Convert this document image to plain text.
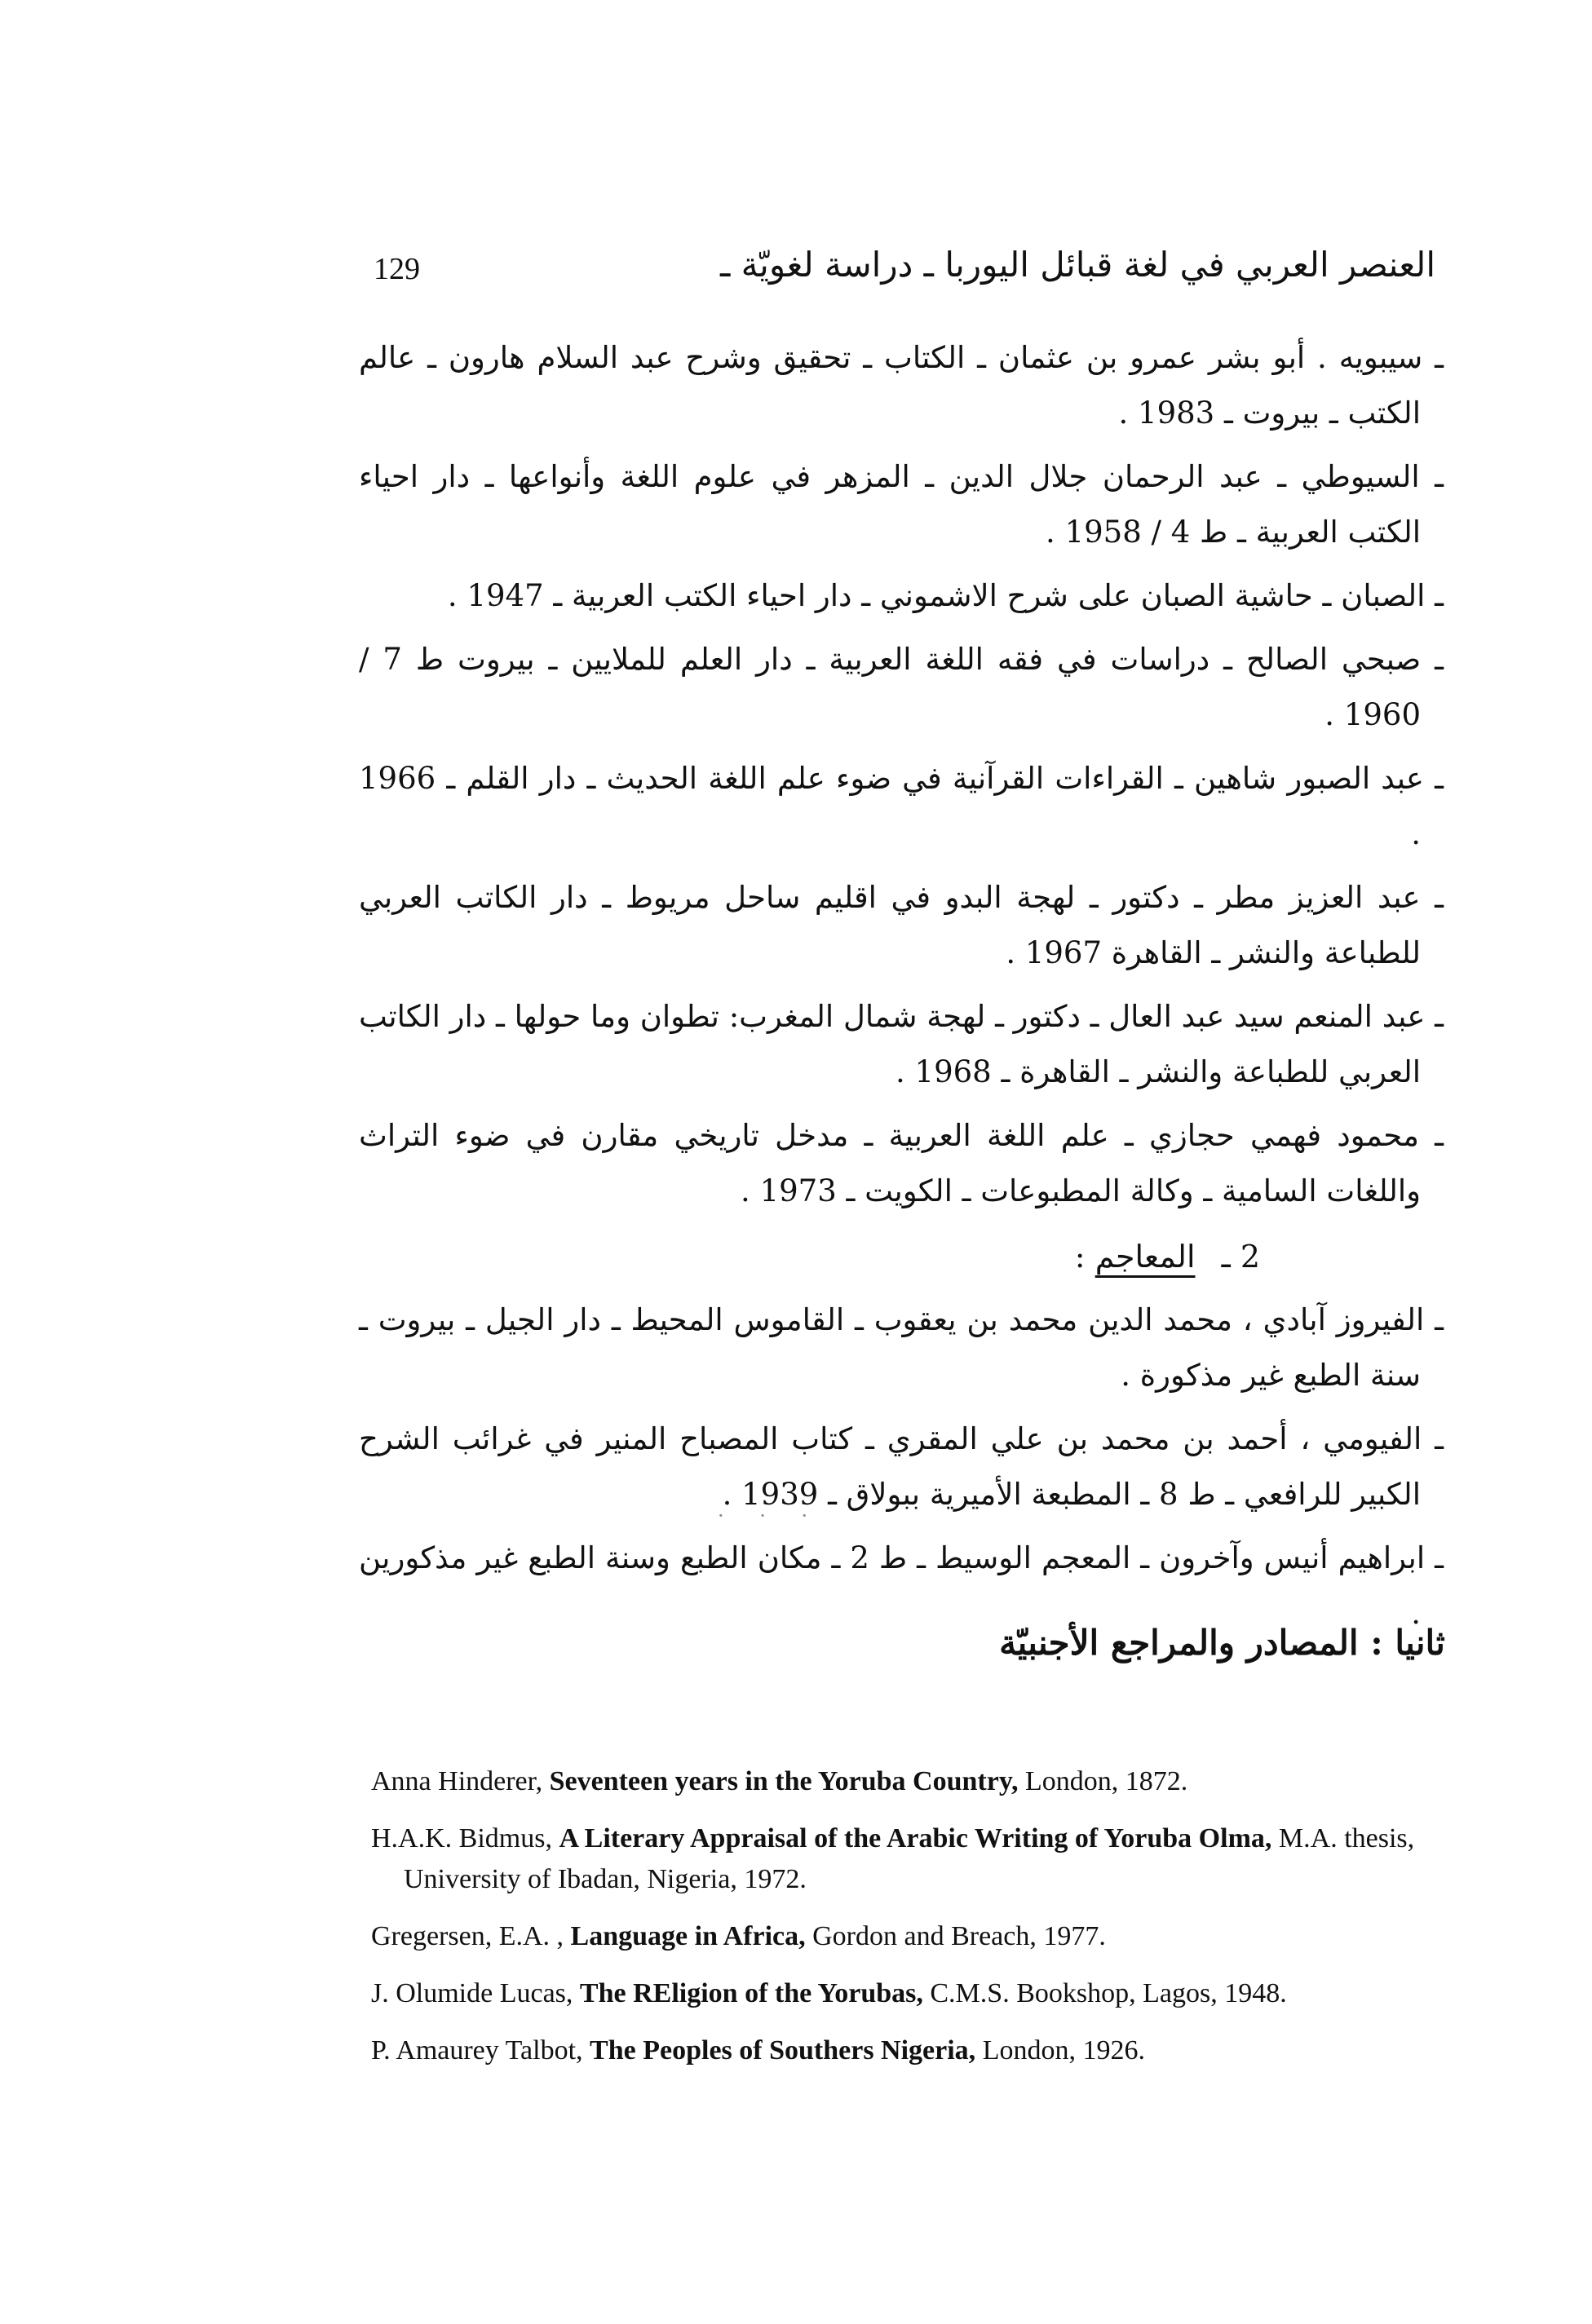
129	العنصر العربي في لغة قبائل اليوربا ـ دراسة لغويّة ـ

ـ سيبويه . أبو بشر عمرو بن عثمان ـ الكتاب ـ تحقيق وشرح عبد السلام هارون ـ عالم الكتب ـ بيروت ـ 1983 .

ـ السيوطي ـ عبد الرحمان جلال الدين ـ المزهر في علوم اللغة وأنواعها ـ دار احياء الكتب العربية ـ ط 4 / 1958 .

ـ الصبان ـ حاشية الصبان على شرح الاشموني ـ دار احياء الكتب العربية ـ 1947 .

ـ صبحي الصالح ـ دراسات في فقه اللغة العربية ـ دار العلم للملايين ـ بيروت ط 7 / 1960 .

ـ عبد الصبور شاهين ـ القراءات القرآنية في ضوء علم اللغة الحديث ـ دار القلم ـ 1966 .

ـ عبد العزيز مطر ـ دكتور ـ لهجة البدو في اقليم ساحل مريوط ـ دار الكاتب العربي للطباعة والنشر ـ القاهرة 1967 .

ـ عبد المنعم سيد عبد العال ـ دكتور ـ لهجة شمال المغرب: تطوان وما حولها ـ دار الكاتب العربي للطباعة والنشر ـ القاهرة ـ 1968 .

ـ محمود فهمي حجازي ـ علم اللغة العربية ـ مدخل تاريخي مقارن في ضوء التراث واللغات السامية ـ وكالة المطبوعات ـ الكويت ـ 1973 .

2 ـ المعاجم :

ـ الفيروز آبادي ، محمد الدين محمد بن يعقوب ـ القاموس المحيط ـ دار الجيل ـ بيروت ـ سنة الطبع غير مذكورة .

ـ الفيومي ، أحمد بن محمد بن علي المقري ـ كتاب المصباح المنير في غرائب الشرح الكبير للرافعي ـ ط 8 ـ المطبعة الأميرية ببولاق ـ 1939 .

ـ ابراهيم أنيس وآخرون ـ المعجم الوسيط ـ ط 2 ـ مكان الطبع وسنة الطبع غير مذكورين .

· · ·
ثانيا : المصادر والمراجع الأجنبيّة

Anna Hinderer, Seventeen years in the Yoruba Country, London, 1872.

H.A.K. Bidmus, A Literary Appraisal of the Arabic Writing of Yoruba Olma, M.A. thesis, University of Ibadan, Nigeria, 1972.

Gregersen, E.A. , Language in Africa, Gordon and Breach, 1977.

J. Olumide Lucas, The REligion of the Yorubas, C.M.S. Bookshop, Lagos, 1948.

P. Amaurey Talbot, The Peoples of Southers Nigeria, London, 1926.
